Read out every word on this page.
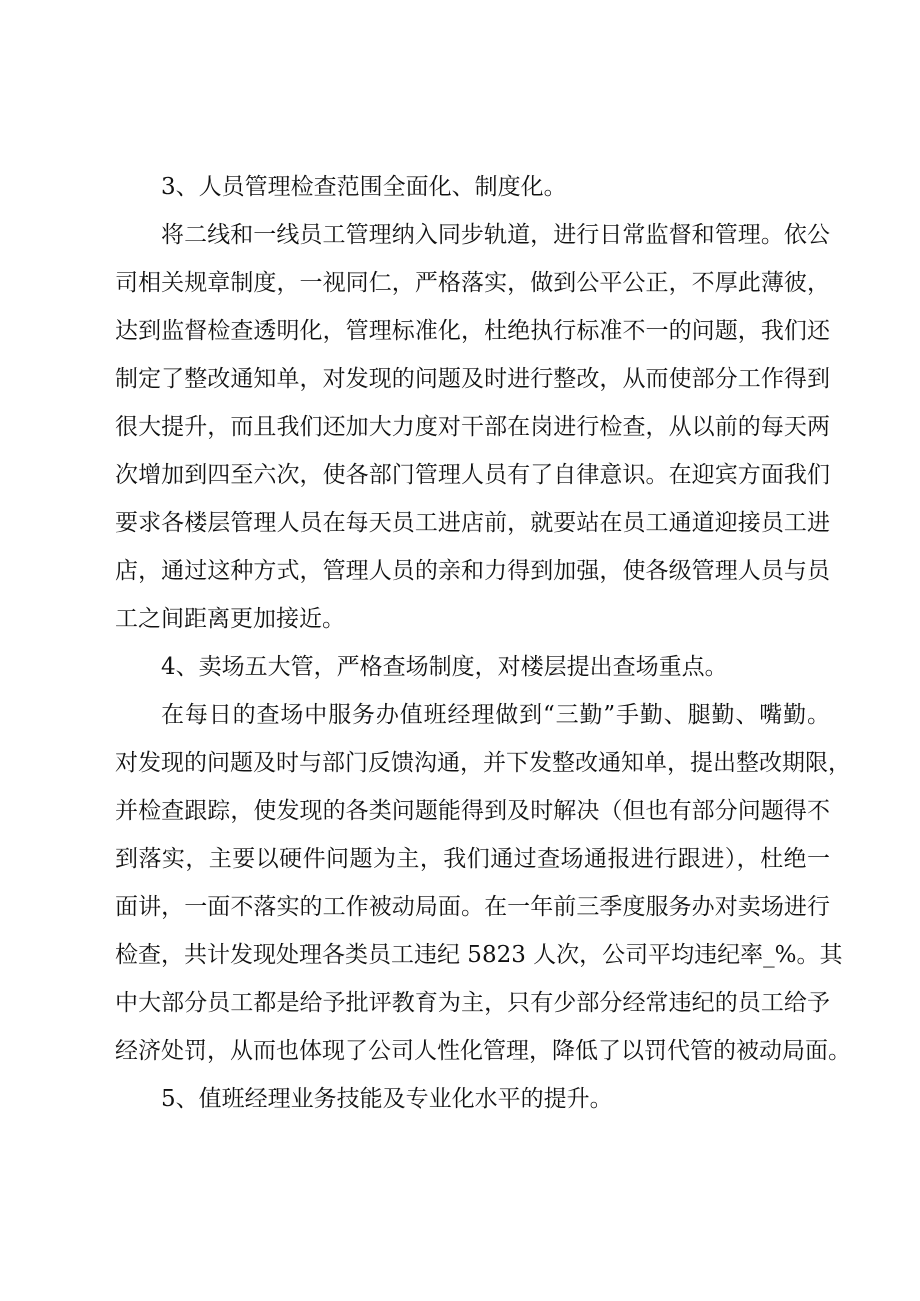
3、人员管理检查范围全面化、制度化。
将二线和一线员工管理纳入同步轨道，进行日常监督和管理。依公
司相关规章制度，一视同仁，严格落实，做到公平公正，不厚此薄彼，
达到监督检查透明化，管理标准化，杜绝执行标准不一的问题，我们还
制定了整改通知单，对发现的问题及时进行整改，从而使部分工作得到
很大提升，而且我们还加大力度对干部在岗进行检查，从以前的每天两
次增加到四至六次，使各部门管理人员有了自律意识。在迎宾方面我们
要求各楼层管理人员在每天员工进店前，就要站在员工通道迎接员工进
店，通过这种方式，管理人员的亲和力得到加强，使各级管理人员与员
工之间距离更加接近。
4、卖场五大管，严格查场制度，对楼层提出查场重点。
在每日的查场中服务办值班经理做到“三勤”手勤、腿勤、嘴勤。
对发现的问题及时与部门反馈沟通，并下发整改通知单，提出整改期限，
并检查跟踪，使发现的各类问题能得到及时解决（但也有部分问题得不
到落实，主要以硬件问题为主，我们通过查场通报进行跟进），杜绝一
面讲，一面不落实的工作被动局面。在一年前三季度服务办对卖场进行
检查，共计发现处理各类员工违纪 5823 人次，公司平均违纪率_%。其
中大部分员工都是给予批评教育为主，只有少部分经常违纪的员工给予
经济处罚，从而也体现了公司人性化管理，降低了以罚代管的被动局面。
5、值班经理业务技能及专业化水平的提升。
